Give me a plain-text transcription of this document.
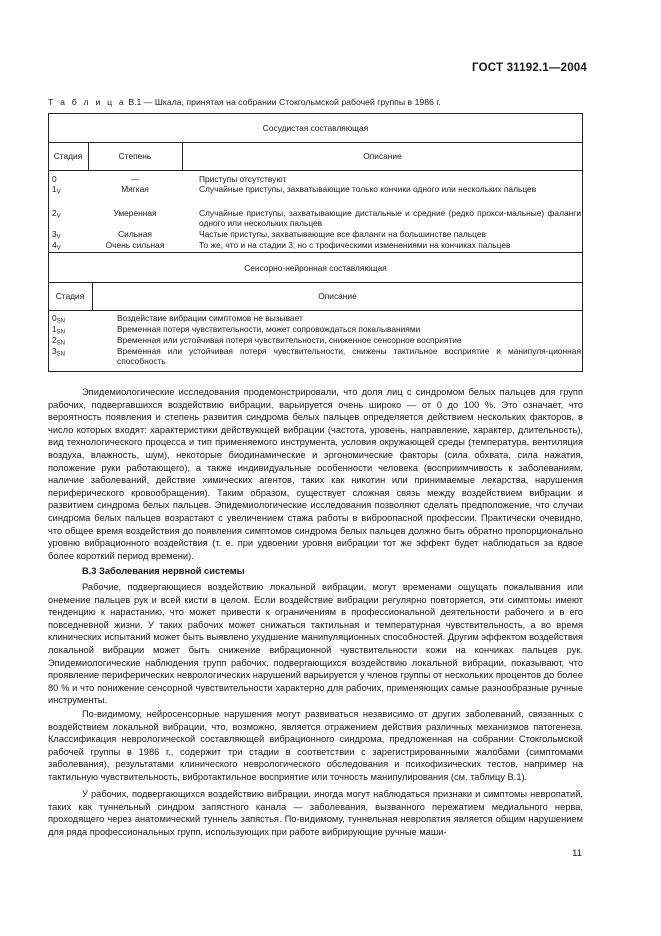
ГОСТ 31192.1—2004
Т а б л и ц а В.1 — Шкала, принятая на собрании Стокгольмской рабочей группы в 1986 г.
Сосудистая составляющая
Стадия	Степень	Описание
0	—	Приступы отсутствуют
$1_V$	Мягкая	Случайные приступы, захватывающие только кончики одного или нескольких пальцев
$2_V$	Умеренная	Случайные приступы, захватывающие дистальные и средние (редко прокси-мальные) фаланги одного или нескольких пальцев
$3_V$	Сильная	Частые приступы, захватывающие все фаланги на большинстве пальцев
$4_V$	Очень сильная	То же, что и на стадии 3, но с трофическими изменениями на кончиках пальцев
Сенсорно-нейронная составляющая
Стадия	Описание
$0_{SN}$	Воздействие вибрации симптомов не вызывает
$1_{SN}$	Временная потеря чувствительности, может сопровождаться покалываниями
$2_{SN}$	Временная или устойчивая потеря чувствительности, сниженное сенсорное восприятие
$3_{SN}$	Временная или устойчивая потеря чувствительности, снижены тактильное восприятие и манипуля-ционная способность

Эпидемиологические исследования продемонстрировали, что доля лиц с синдромом белых пальцев для групп рабочих, подвергавшихся воздействию вибрации, варьируется очень широко — от 0 до 100 %. Это означает, что вероятность появления и степень развития синдрома белых пальцев определяется действием нескольких факторов, в число которых входят: характеристики действующей вибрации (частота, уровень, направление, характер, длительность), вид технологического процесса и тип применяемого инструмента, условия окружающей среды (температура, вентиляция воздуха, влажность, шум), некоторые биодинамические и эргономические факторы (сила обхвата, сила нажатия, положение руки работающего), а также индивидуальные особенности человека (восприимчивость к заболеваниям, наличие заболеваний, действие химических агентов, таких как никотин или принимаемые лекарства, нарушения периферического кровообращения). Таким образом, существует сложная связь между воздействием вибрации и развитием синдрома белых пальцев. Эпидемиологические исследования позволяют сделать предположение, что случаи синдрома белых пальцев возрастают с увеличением стажа работы в виброопасной профессии. Практически очевидно, что общее время воздействия до появления симптомов синдрома белых пальцев должно быть обратно пропорционально уровню вибрационного воздействия (т. е. при удвоении уровня вибрации тот же эффект будет наблюдаться за вдвое более короткий период времени).

В.3 Заболевания нервной системы

Рабочие, подвергающиеся воздействию локальной вибрации, могут временами ощущать покалывания или онемение пальцев рук и всей кисти в целом. Если воздействие вибрации регулярно повторяется, эти симптомы имеют тенденцию к нарастанию, что может привести к ограничениям в профессиональной деятельности рабочего и в его повседневной жизни. У таких рабочих может снижаться тактильная и температурная чувствительность, а во время клинических испытаний может быть выявлено ухудшение манипуляционных способностей. Другим эффектом воздействия локальной вибрации может быть снижение вибрационной чувствительности кожи на кончиках пальцев рук. Эпидемиологические наблюдения групп рабочих, подвергающихся воздействию локальной вибрации, показывают, что проявление периферических неврологических нарушений варьируется у членов группы от нескольких процентов до более 80 % и что понижение сенсорной чувствительности характерно для рабочих, применяющих самые разнообразные ручные инструменты.

По-видимому, нейросенсорные нарушения могут развиваться независимо от других заболеваний, связанных с воздействием локальной вибрации, что, возможно, является отражением действия различных механизмов патогенеза. Классификация неврологической составляющей вибрационного синдрома, предложенная на собрании Стокгольмской рабочей группы в 1986 г., содержит три стадии в соответствии с зарегистрированными жалобами (симптомами заболевания), результатами клинического неврологического обследования и психофизических тестов, например на тактильную чувствительность, вибротактильное восприятие или точность манипулирования (см. таблицу В.1).

У рабочих, подвергающихся воздействию вибрации, иногда могут наблюдаться признаки и симптомы невропатий, таких как туннельный синдром запястного канала — заболевания, вызванного пережатием медиального нерва, проходящего через анатомический туннель запястья. По-видимому, туннельная невропатия является общим нарушением для ряда профессиональных групп, использующих при работе вибрирующие ручные маши-

11
